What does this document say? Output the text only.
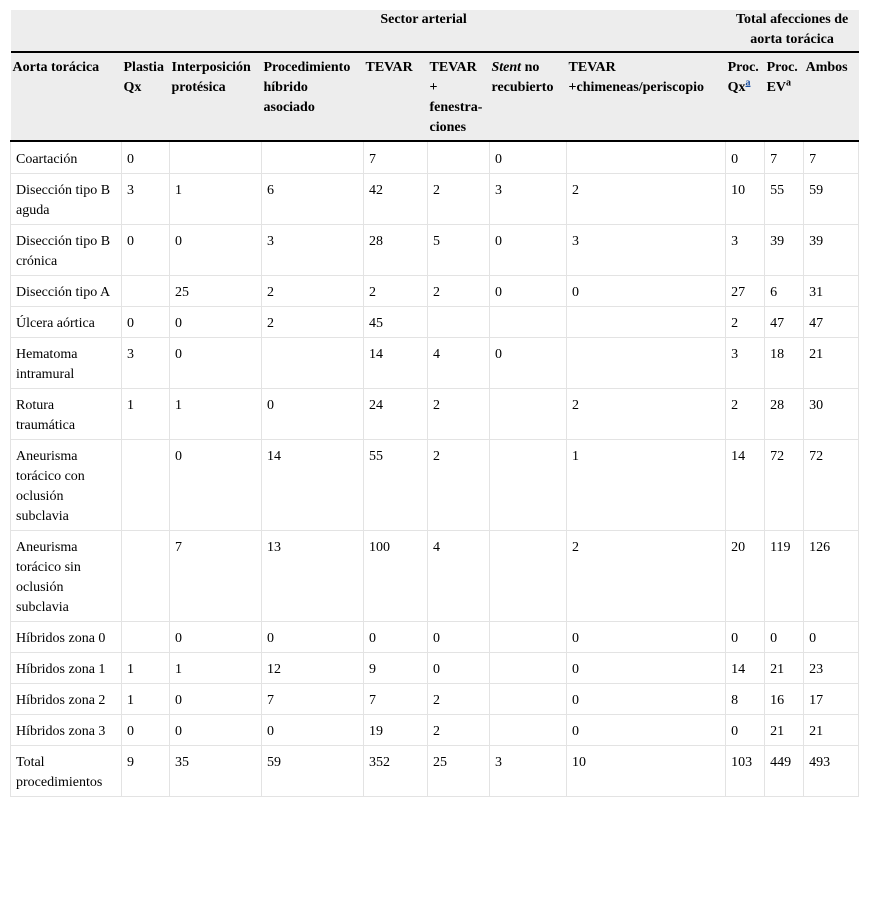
	Sector arterial							Total afecciones de aorta torácica		
Aorta torácica	Plastia Qx	Interposición protésica	Procedimiento híbrido asociado	TEVAR	TEVAR + fenestra-ciones	Stent no recubierto	TEVAR +chimeneas/periscopio	Proc. Qx$^a$	Proc. $EV^a$	Ambos
Coartación	0			7		0		0	7	7
Disección tipo B aguda	3	1	6	42	2	3	2	10	55	59
Disección tipo B crónica	0	0	3	28	5	0	3	3	39	39
Disección tipo A		25	2	2	2	0	0	27	6	31
Úlcera aórtica	0	0	2	45				2	47	47
Hematoma intramural	3	0		14	4	0		3	18	21
Rotura traumática	1	1	0	24	2		2	2	28	30
Aneurisma torácico con oclusión subclavia		0	14	55	2		1	14	72	72
Aneurisma torácico sin oclusión subclavia		7	13	100	4		2	20	119	126
Híbridos zona 0		0	0	0	0		0	0	0	0
Híbridos zona 1	1	1	12	9	0		0	14	21	23
Híbridos zona 2	1	0	7	7	2		0	8	16	17
Híbridos zona 3	0	0	0	19	2		0	0	21	21
Total procedimientos	9	35	59	352	25	3	10	103	449	493
